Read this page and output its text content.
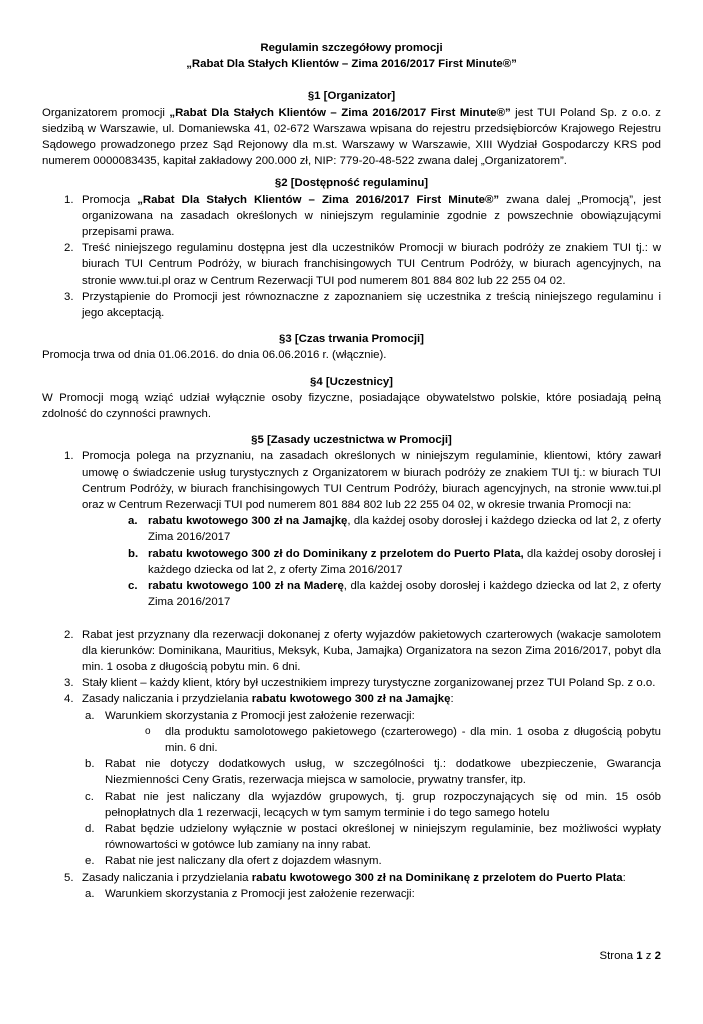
Regulamin szczegółowy promocji

„Rabat Dla Stałych Klientów – Zima 2016/2017 First Minute®”

§1 [Organizator]

Organizatorem promocji „Rabat Dla Stałych Klientów – Zima 2016/2017 First Minute®” jest TUI Poland Sp. z o.o. z siedzibą w Warszawie, ul. Domaniewska 41, 02-672 Warszawa wpisana do rejestru przedsiębiorców Krajowego Rejestru Sądowego prowadzonego przez Sąd Rejonowy dla m.st. Warszawy w Warszawie, XIII Wydział Gospodarczy KRS pod numerem 0000083435, kapitał zakładowy 200.000 zł, NIP: 779-20-48-522 zwana dalej „Organizatorem”.

§2 [Dostępność regulaminu]
1. Promocja „Rabat Dla Stałych Klientów – Zima 2016/2017 First Minute®” zwana dalej „Promocją”, jest organizowana na zasadach określonych w niniejszym regulaminie zgodnie z powszechnie obowiązującymi przepisami prawa.
2. Treść niniejszego regulaminu dostępna jest dla uczestników Promocji w biurach podróży ze znakiem TUI tj.: w biurach TUI Centrum Podróży, w biurach franchisingowych TUI Centrum Podróży, w biurach agencyjnych, na stronie www.tui.pl oraz w Centrum Rezerwacji TUI pod numerem 801 884 802 lub 22 255 04 02.
3. Przystąpienie do Promocji jest równoznaczne z zapoznaniem się uczestnika z treścią niniejszego regulaminu i jego akceptacją.
§3 [Czas trwania Promocji]

Promocja trwa od dnia 01.06.2016. do dnia 06.06.2016 r. (włącznie).

§4 [Uczestnicy]

W Promocji mogą wziąć udział wyłącznie osoby fizyczne, posiadające obywatelstwo polskie, które posiadają pełną zdolność do czynności prawnych.

§5 [Zasady uczestnictwa w Promocji]
1. Promocja polega na przyznaniu, na zasadach określonych w niniejszym regulaminie, klientowi, który zawarł umowę o świadczenie usług turystycznych z Organizatorem w biurach podróży ze znakiem TUI tj.: w biurach TUI Centrum Podróży, w biurach franchisingowych TUI Centrum Podróży, biurach agencyjnych, na stronie www.tui.pl oraz w Centrum Rezerwacji TUI pod numerem 801 884 802 lub 22 255 04 02, w okresie trwania Promocji na:
a. rabatu kwotowego 300 zł na Jamajkę, dla każdej osoby dorosłej i każdego dziecka od lat 2, z oferty Zima 2016/2017
b. rabatu kwotowego 300 zł do Dominikany z przelotem do Puerto Plata, dla każdej osoby dorosłej i każdego dziecka od lat 2, z oferty Zima 2016/2017
c. rabatu kwotowego 100 zł na Maderę, dla każdej osoby dorosłej i każdego dziecka od lat 2, z oferty Zima 2016/2017
2. Rabat jest przyznany dla rezerwacji dokonanej z oferty wyjazdów pakietowych czarterowych (wakacje samolotem dla kierunków: Dominikana, Mauritius, Meksyk, Kuba, Jamajka) Organizatora na sezon Zima 2016/2017, pobyt dla min. 1 osoba z długością pobytu min. 6 dni.
3. Stały klient – każdy klient, który był uczestnikiem imprezy turystyczne zorganizowanej przez TUI Poland Sp. z o.o.
4. Zasady naliczania i przydzielania rabatu kwotowego 300 zł na Jamajkę:
a. Warunkiem skorzystania z Promocji jest założenie rezerwacji:
o dla produktu samolotowego pakietowego (czarterowego) - dla min. 1 osoba z długością pobytu min. 6 dni.
b. Rabat nie dotyczy dodatkowych usług, w szczególności tj.: dodatkowe ubezpieczenie, Gwarancja Niezmienności Ceny Gratis, rezerwacja miejsca w samolocie, prywatny transfer, itp.
c. Rabat nie jest naliczany dla wyjazdów grupowych, tj. grup rozpoczynających się od min. 15 osób pełnopłatnych dla 1 rezerwacji, lecących w tym samym terminie i do tego samego hotelu
d. Rabat będzie udzielony wyłącznie w postaci określonej w niniejszym regulaminie, bez możliwości wypłaty równowartości w gotówce lub zamiany na inny rabat.
e. Rabat nie jest naliczany dla ofert z dojazdem własnym.
5. Zasady naliczania i przydzielania rabatu kwotowego 300 zł na Dominikanę z przelotem do Puerto Plata:
a. Warunkiem skorzystania z Promocji jest założenie rezerwacji:
Strona 1 z 2
